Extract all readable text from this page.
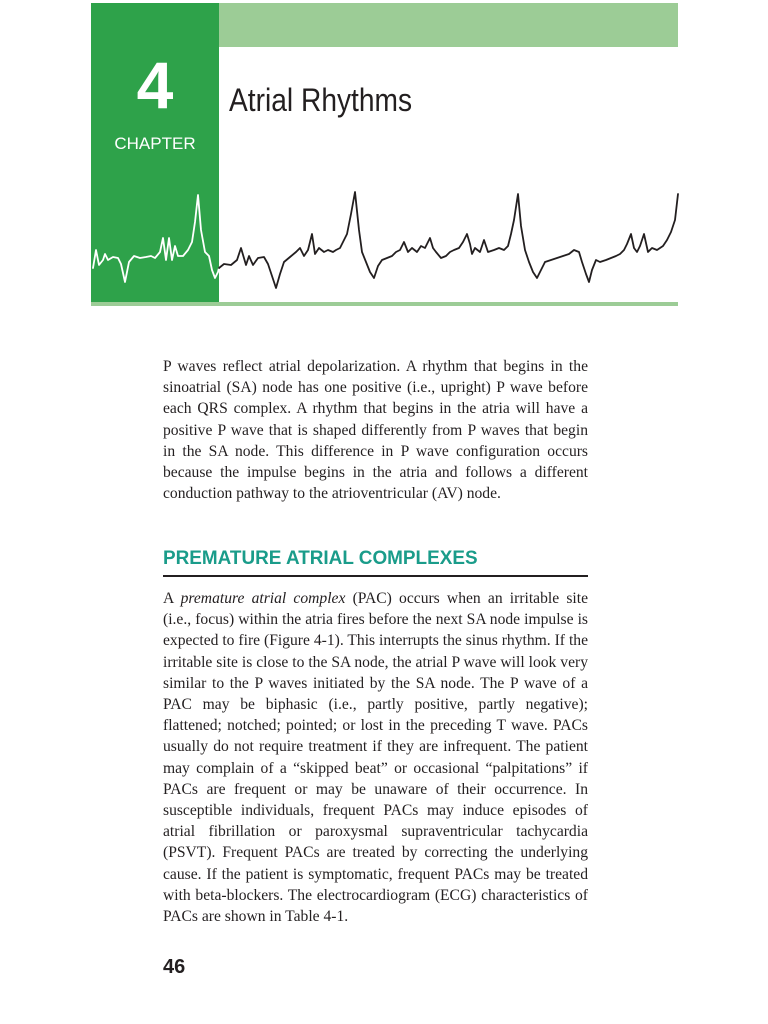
4
CHAPTER
Atrial Rhythms

P waves reflect atrial depolarization. A rhythm that begins in the sinoatrial (SA) node has one positive (i.e., upright) P wave before each QRS complex. A rhythm that begins in the atria will have a positive P wave that is shaped differently from P waves that begin in the SA node. This difference in P wave configuration occurs because the impulse begins in the atria and follows a different conduction pathway to the atrioventricular (AV) node.

PREMATURE ATRIAL COMPLEXES

A premature atrial complex (PAC) occurs when an irritable site (i.e., focus) within the atria fires before the next SA node impulse is expected to fire (Figure 4-1). This interrupts the sinus rhythm. If the irritable site is close to the SA node, the atrial P wave will look very similar to the P waves initiated by the SA node. The P wave of a PAC may be biphasic (i.e., partly positive, partly negative); flattened; notched; pointed; or lost in the preceding T wave. PACs usually do not require treatment if they are infrequent. The patient may complain of a “skipped beat” or occasional “palpitations” if PACs are frequent or may be unaware of their occurrence. In susceptible individuals, frequent PACs may induce episodes of atrial fibrillation or paroxysmal supraventricular tachycardia (PSVT). Frequent PACs are treated by correcting the underlying cause. If the patient is symptomatic, frequent PACs may be treated with beta-blockers. The electrocardiogram (ECG) characteristics of PACs are shown in Table 4-1.

46
